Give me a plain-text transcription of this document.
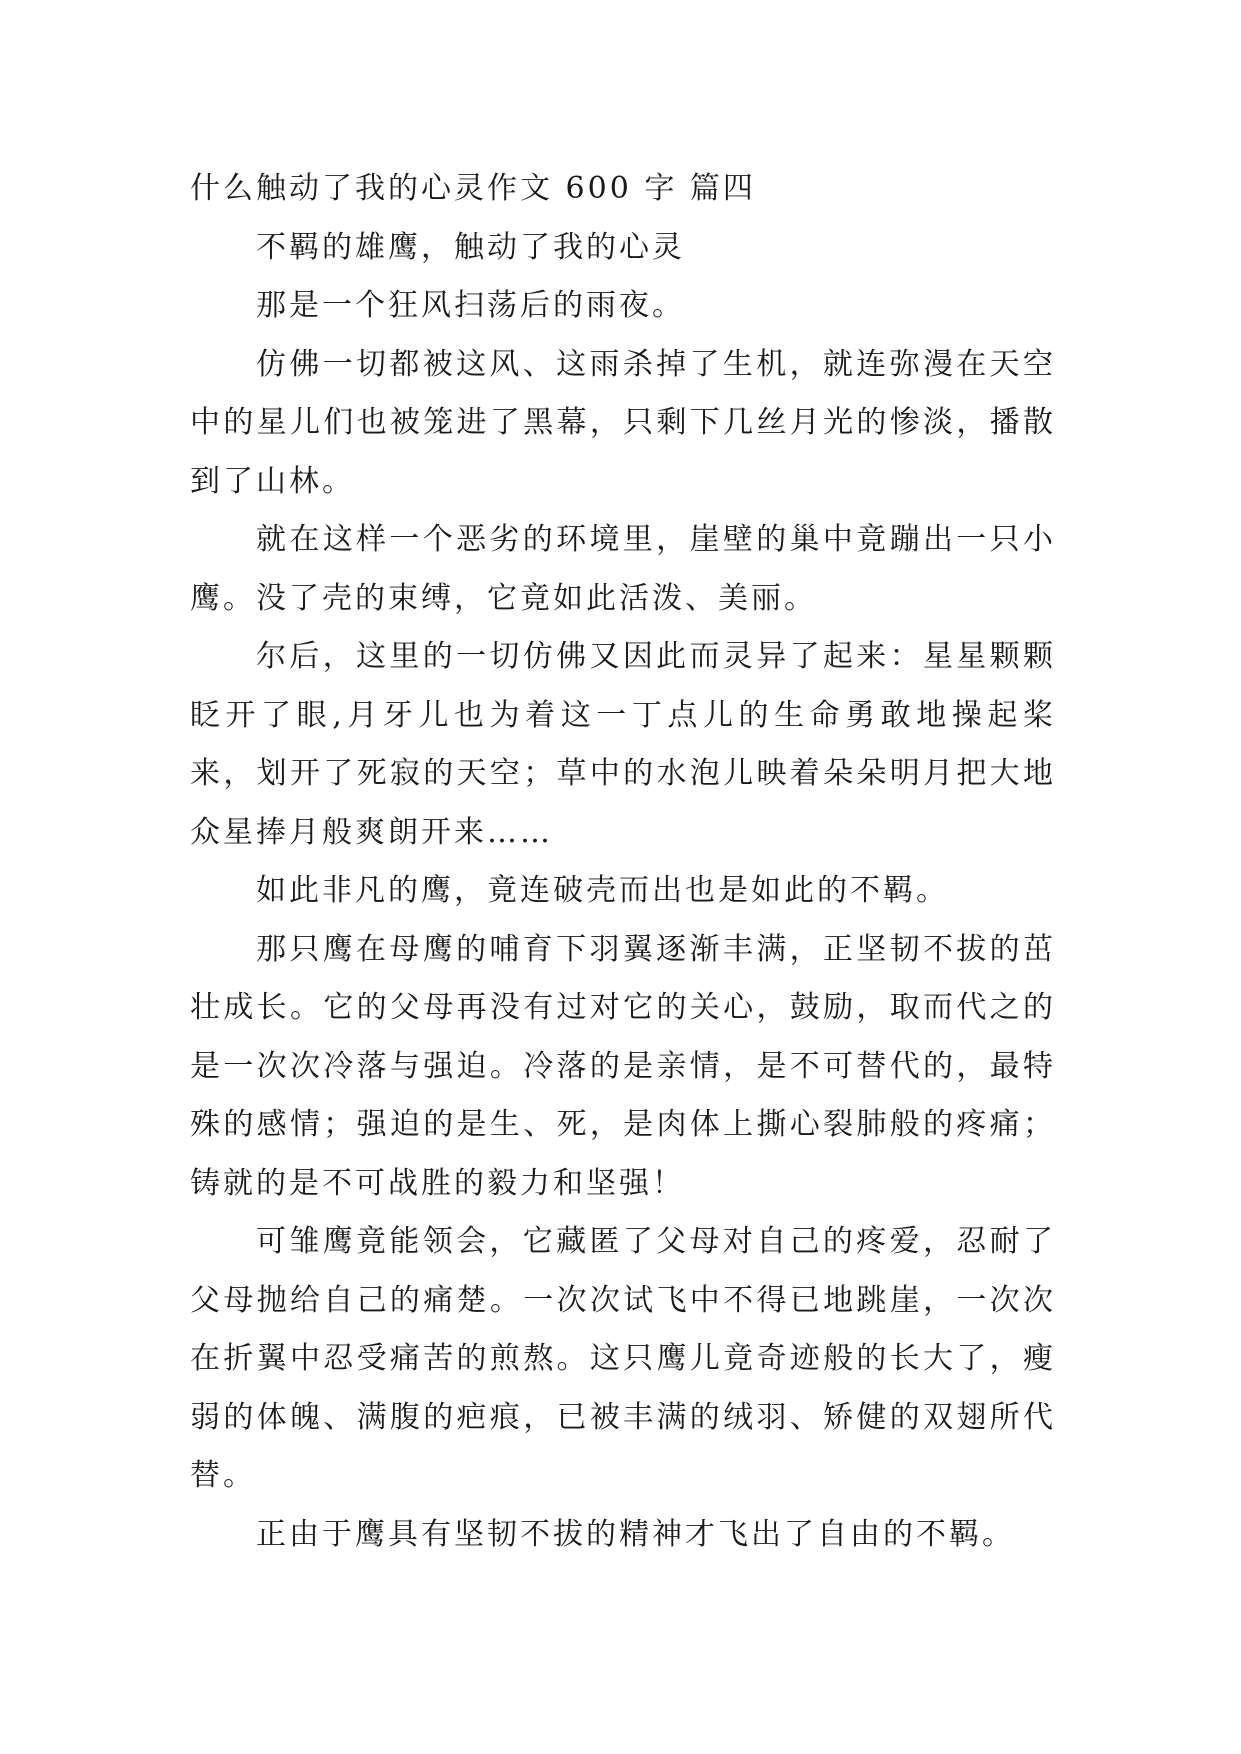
什么触动了我的心灵作文 600 字 篇四

不羁的雄鹰，触动了我的心灵

那是一个狂风扫荡后的雨夜。

仿佛一切都被这风、这雨杀掉了生机，就连弥漫在天空中的星儿们也被笼进了黑幕，只剩下几丝月光的惨淡，播散到了山林。

就在这样一个恶劣的环境里，崖壁的巢中竟蹦出一只小鹰。没了壳的束缚，它竟如此活泼、美丽。

尔后，这里的一切仿佛又因此而灵异了起来：星星颗颗眨开了眼,月牙儿也为着这一丁点儿的生命勇敢地操起桨来，划开了死寂的天空；草中的水泡儿映着朵朵明月把大地众星捧月般爽朗开来……

如此非凡的鹰，竟连破壳而出也是如此的不羁。

那只鹰在母鹰的哺育下羽翼逐渐丰满，正坚韧不拔的茁壮成长。它的父母再没有过对它的关心，鼓励，取而代之的是一次次冷落与强迫。冷落的是亲情，是不可替代的，最特殊的感情；强迫的是生、死，是肉体上撕心裂肺般的疼痛；铸就的是不可战胜的毅力和坚强！

可雏鹰竟能领会，它藏匿了父母对自己的疼爱，忍耐了父母抛给自己的痛楚。一次次试飞中不得已地跳崖，一次次在折翼中忍受痛苦的煎熬。这只鹰儿竟奇迹般的长大了，瘦弱的体魄、满腹的疤痕，已被丰满的绒羽、矫健的双翅所代替。

正由于鹰具有坚韧不拔的精神才飞出了自由的不羁。
